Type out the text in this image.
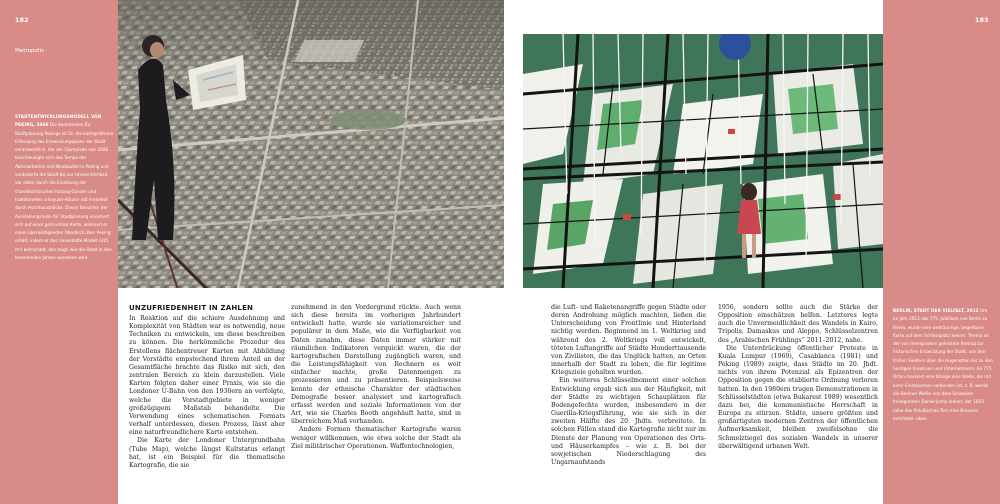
182
Metropolis
STADTENTWICKLUNGSMODELL VON PEKING, 2006 Die Kommission für Stadtplanung Pekings ist für die kartografische Erfassung des Entwicklungsplans der Stadt verantwortlich. Vor der Olympiade von 2008 beschleunigte sich das Tempo der Abrissarbeiten und Neubauten in Peking und veränderte die Stadt bis zur Unkenntlichkeit, vor allem durch die Ersetzung der charakteristischen hutong-Gassen und traditionellen siheyuan-Häuser mit Innenhof durch Hochhausblöcke. Dieser Besucher der Ausstellungshalle für Stadtplanung orientiert sich auf einer gedruckten Karte, während er einen überwältigenden Überblick über Peking erhält, indem er das riesenhafte Modell (315 m²) betrachtet, das zeigt, wie die Stadt in den kommenden Jahren aussehen wird.
UNZUFRIEDENHEIT IN ZAHLEN

In Reaktion auf die schiere Ausdehnung und Komplexität von Städten war es notwendig, neue Techniken zu entwickeln, um diese beschreiben zu können. Die herkömmliche Prozedur des Erstellens flächentreuer Karten mit Abbildung der Vorstädte empstechend ihrem Anteil an der Gesamtfläche brachte das Risiko mit sich, den zentralen Bereich zu klein darzustellen. Viele Karten folgten daher einer Praxis, wie sie die Londoner U-Bahn von den 1930ern an verfolgte, welche die Vorstadtgebiete in weniger großzügigem Maßstab behandelte. Die Verwendung eines schematischen Formats verhalf unterdessen, diesen Prozess, lässt aber eine naturfreundlichere Karte entstehen.

Die Karte der Londoner Untergrundbahn (Tube Map), welche längst Kultstatus erlangt hat, ist ein Beispiel für die thematische Kartografie, die sie

zunehmend in den Vordergrund rückte. Auch wenn sich diese bereits im vorherigen Jahrhundert entwickelt hatte, wurde sie variationsreicher und populärer in dem Maße, wie die Verfügbarkeit von Daten zunahm, diese Daten immer stärker mit räumlichen Indikatoren verquickt waren, die der kartografischen Darstellung zugänglich waren, und die Leistungsfähigkeit von Rechnern es weit einfacher machte, große Datenmengen zu prozessieren und zu präsentieren. Beispielsweise konnte der ethnische Charakter der städtischen Demografie besser analysiert und kartografisch erfasst werden und soziale Informationen von der Art, wie sie Charles Booth angehäuft hatte, sind in überreichem Maß vorhanden.

Andere Formen thematischer Kartografie waren weniger willkommen, wie etwa solche der Stadt als Ziel militärischer Operationen. Waffentechnologien,

183
BERLIN, STADT DER VIELFALT, 2012 Um im Jahr 2012 das 775. Jubiläum von Berlin zu feiern, wurde eine weiträumige, begehbare Karte auf dem Schlossplatz kreiert. Thema ist der von Immigranten geleistete Beitrag zur historischen Entwicklung der Stadt, von den frühen Siedlern über die Hugenotten bis zu den heutigen Kreativen und Unternehmern. An 775 Orten markiert eine Stange eine Stelle, die mit einer Einzelperson verbunden ist, z. B. wurde die Berliner Weiße von dem Schweizer Immigranten Daniel Jostly kreiert, der 1820 nahe des Preußischen Tors eine Brauerei errichtete. oben

die Luft- und Raketenangriffe gegen Städte oder deren Androhung möglich machten, ließen die Unterscheidung von Frontlinie und Hinterland nichtig werden. Beginnend im 1. Weltkrieg und während des 2. Weltkriegs voll entwickelt, töteten Luftangriffe auf Städte Hunderttausende von Zivilisten, die das Unglück hatten, an Orten innerhalb der Stadt zu leben, die für legitime Kriegsziele gehalten wurden.

Ein weiteres Schlüsselmoment einer solchen Entwicklung ergab sich aus der Häufigkeit, mit der Städte zu wichtigen Schauplätzen für Bodengefechte wurden, insbesondere in der Guerilla-Kriegsführung, wie sie sich in der zweiten Hälfte des 20. Jhdts. verbreitete. In solchen Fällen stand die Kartografie nicht nur im Dienste der Planung von Operationen des Orts- und Häuserkampfes – wie z. B. bei der sowjetischen Niederschlagung des Ungarnaufstands

1956, sondern sollte auch die Stärke der Opposition einschätzen helfen. Letzteres legte auch die Unvermeidlichkeit des Wandels in Kairo, Tripolis, Damaskus und Aleppo, Schlüsselzentren des „Arabischen Frühlings“ 2011–2012, nahe.

Die Unterdrückung öffentlicher Proteste in Kuala Lumpur (1969), Casablanca (1981) und Peking (1989) zeigte, dass Städte im 20. Jhdt. nichts von ihrem Potenzial als Epizentren der Opposition gegen die etablierte Ordnung verloren hatten. In den 1980ern trugen Demonstrationen in Schlüsselstädten (etwa Bukarest 1989) wesentlich dazu bei, die kommunistische Herrschaft in Europa zu stürzen. Städte, unsere größten und großartigsten modernen Zentren der öffentlichen Aufmerksamkeit, bleiben zweifelsohne die Schmelztiegel des sozialen Wandels in unserer überwältigend urbanen Welt.
